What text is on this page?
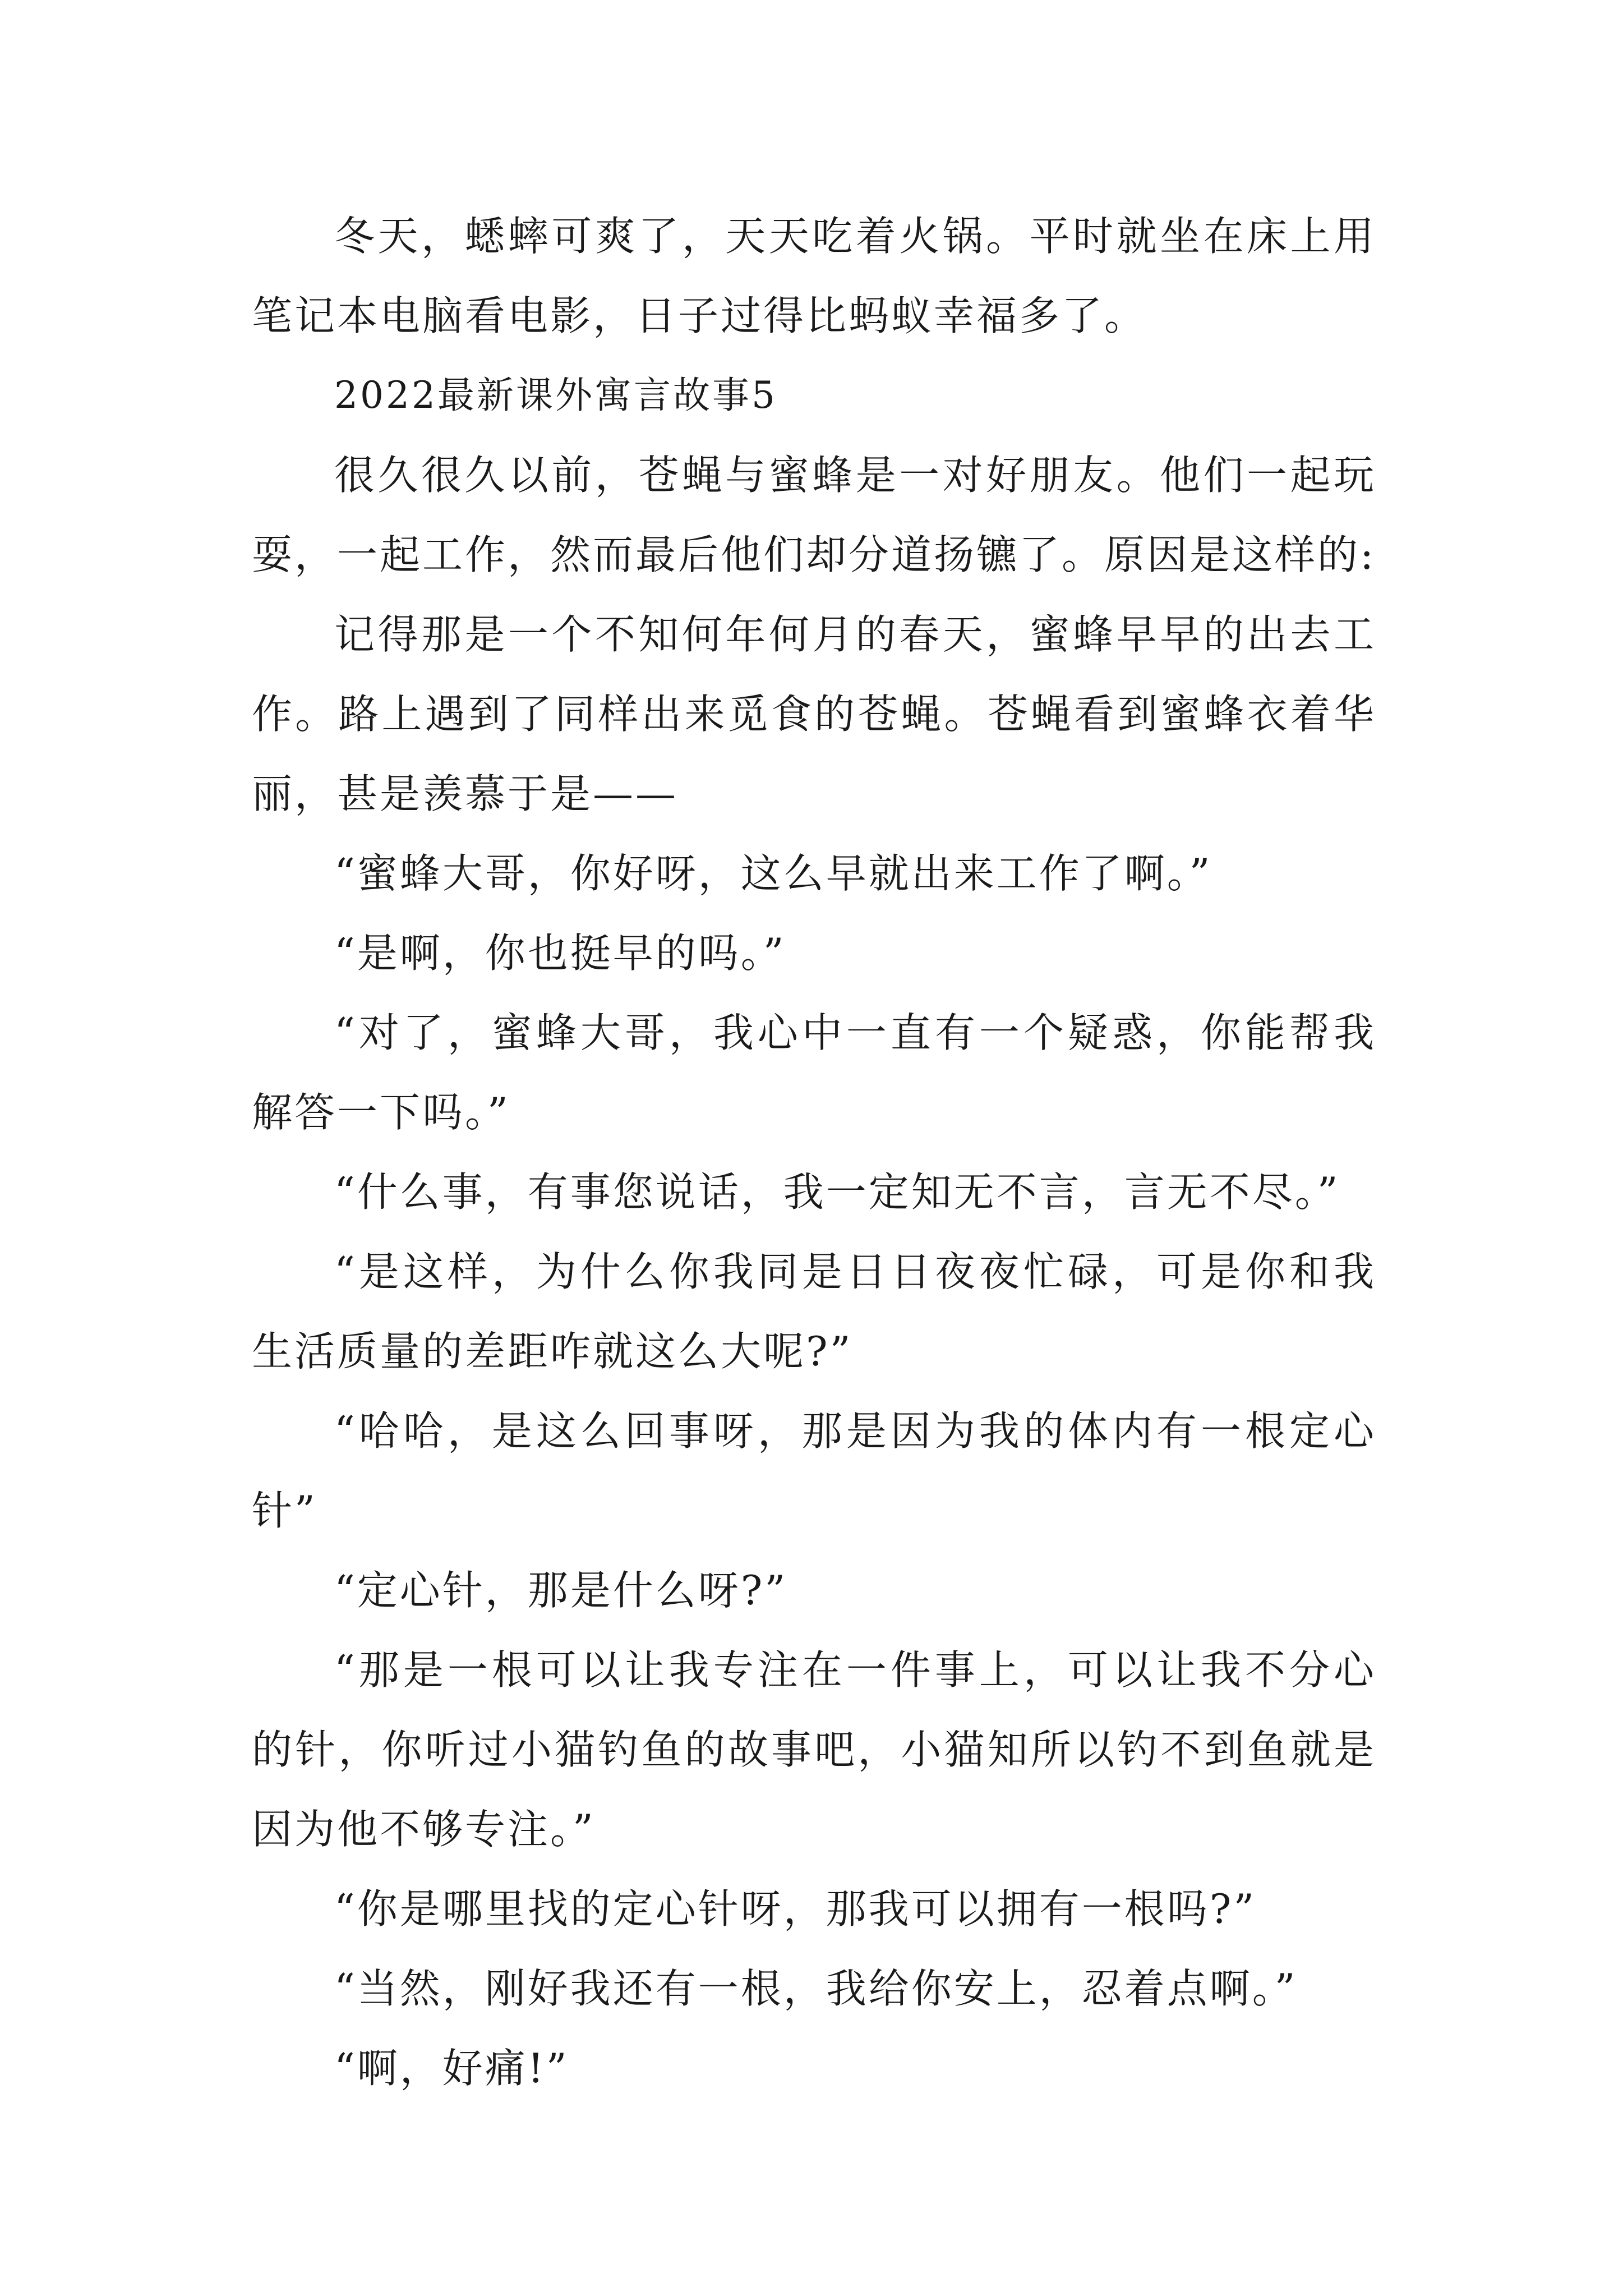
冬天，蟋蟀可爽了，天天吃着火锅。平时就坐在床上用笔记本电脑看电影，日子过得比蚂蚁幸福多了。

2022最新课外寓言故事5

很久很久以前，苍蝇与蜜蜂是一对好朋友。他们一起玩耍，一起工作，然而最后他们却分道扬镳了。原因是这样的:

记得那是一个不知何年何月的春天，蜜蜂早早的出去工作。路上遇到了同样出来觅食的苍蝇。苍蝇看到蜜蜂衣着华丽，甚是羡慕于是——

“蜜蜂大哥，你好呀，这么早就出来工作了啊。”

“是啊，你也挺早的吗。”

“对了，蜜蜂大哥，我心中一直有一个疑惑，你能帮我解答一下吗。”

“什么事，有事您说话，我一定知无不言，言无不尽。”

“是这样，为什么你我同是日日夜夜忙碌，可是你和我生活质量的差距咋就这么大呢?”

“哈哈，是这么回事呀，那是因为我的体内有一根定心针”

“定心针，那是什么呀?”

“那是一根可以让我专注在一件事上，可以让我不分心的针，你听过小猫钓鱼的故事吧，小猫知所以钓不到鱼就是因为他不够专注。”

“你是哪里找的定心针呀，那我可以拥有一根吗?”

“当然，刚好我还有一根，我给你安上，忍着点啊。”

“啊，好痛!”
